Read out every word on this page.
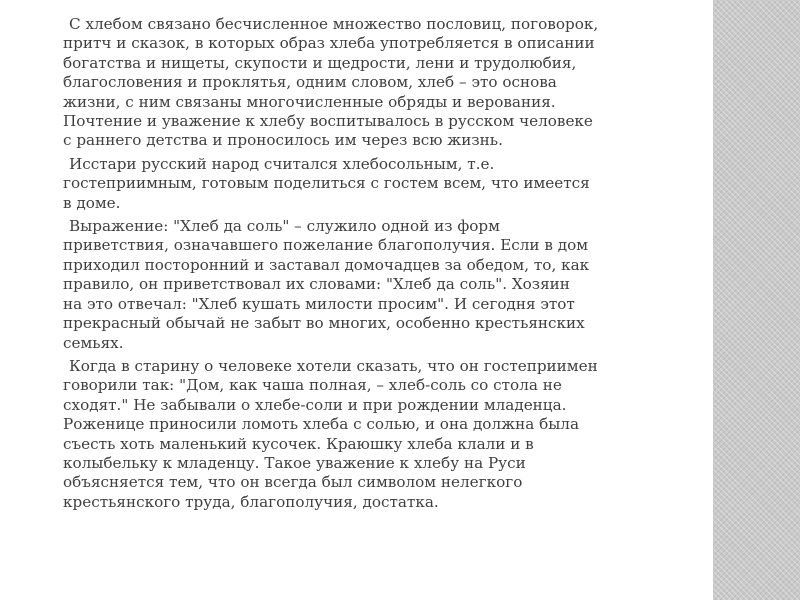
С хлебом связано бесчисленное множество пословиц, поговорок,
притч и сказок, в которых образ хлеба употребляется в описании
богатства и нищеты, скупости и щедрости, лени и трудолюбия,
благословения и проклятья, одним словом, хлеб – это основа
жизни, с ним связаны многочисленные обряды и верования.
Почтение и уважение к хлебу воспитывалось в русском человеке
с раннего детства и проносилось им через всю жизнь.

Исстари русский народ считался хлебосольным, т.е.
гостеприимным, готовым поделиться с гостем всем, что имеется
в доме.

Выражение: "Хлеб да соль" – служило одной из форм
приветствия, означавшего пожелание благополучия. Если в дом
приходил посторонний и заставал домочадцев за обедом, то, как
правило, он приветствовал их словами: "Хлеб да соль". Хозяин
на это отвечал: "Хлеб кушать милости просим". И сегодня этот
прекрасный обычай не забыт во многих, особенно крестьянских
семьях.

Когда в старину о человеке хотели сказать, что он гостеприимен
говорили так: "Дом, как чаша полная, – хлеб-соль со стола не
сходят." Не забывали о хлебе-соли и при рождении младенца.
Роженице приносили ломоть хлеба с солью, и она должна была
съесть хоть маленький кусочек. Краюшку хлеба клали и в
колыбельку к младенцу. Такое уважение к хлебу на Руси
объясняется тем, что он всегда был символом нелегкого
крестьянского труда, благополучия, достатка.
